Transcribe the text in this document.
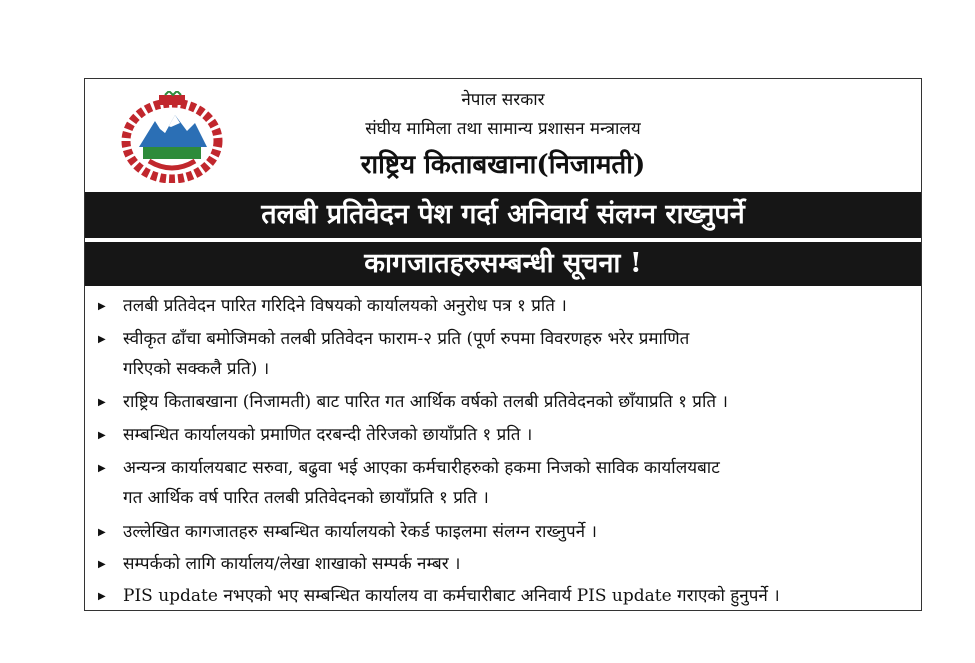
नेपाल सरकार
संघीय मामिला तथा सामान्य प्रशासन मन्त्रालय
राष्ट्रिय किताबखाना(निजामती)
तलबी प्रतिवेदन पेश गर्दा अनिवार्य संलग्न राख्नुपर्ने
कागजातहरुसम्बन्धी सूचना !
▶ तलबी प्रतिवेदन पारित गरिदिने विषयको कार्यालयको अनुरोध पत्र १ प्रति ।
▶ स्वीकृत ढाँचा बमोजिमको तलबी प्रतिवेदन फाराम-२ प्रति (पूर्ण रुपमा विवरणहरु भरेर प्रमाणित
गरिएको सक्कलै प्रति) ।
▶ राष्ट्रिय किताबखाना (निजामती) बाट पारित गत आर्थिक वर्षको तलबी प्रतिवेदनको छाँयाप्रति १ प्रति ।
▶ सम्बन्धित कार्यालयको प्रमाणित दरबन्दी तेरिजको छायाँप्रति १ प्रति ।
▶ अन्यन्त्र कार्यालयबाट सरुवा, बढुवा भई आएका कर्मचारीहरुको हकमा निजको साविक कार्यालयबाट
गत आर्थिक वर्ष पारित तलबी प्रतिवेदनको छायाँप्रति १ प्रति ।
▶ उल्लेखित कागजातहरु सम्बन्धित कार्यालयको रेकर्ड फाइलमा संलग्न राख्नुपर्ने ।
▶ सम्पर्कको लागि कार्यालय/लेखा शाखाको सम्पर्क नम्बर ।
▶ PIS update नभएको भए सम्बन्धित कार्यालय वा कर्मचारीबाट अनिवार्य PIS update गराएको हुनुपर्ने ।
